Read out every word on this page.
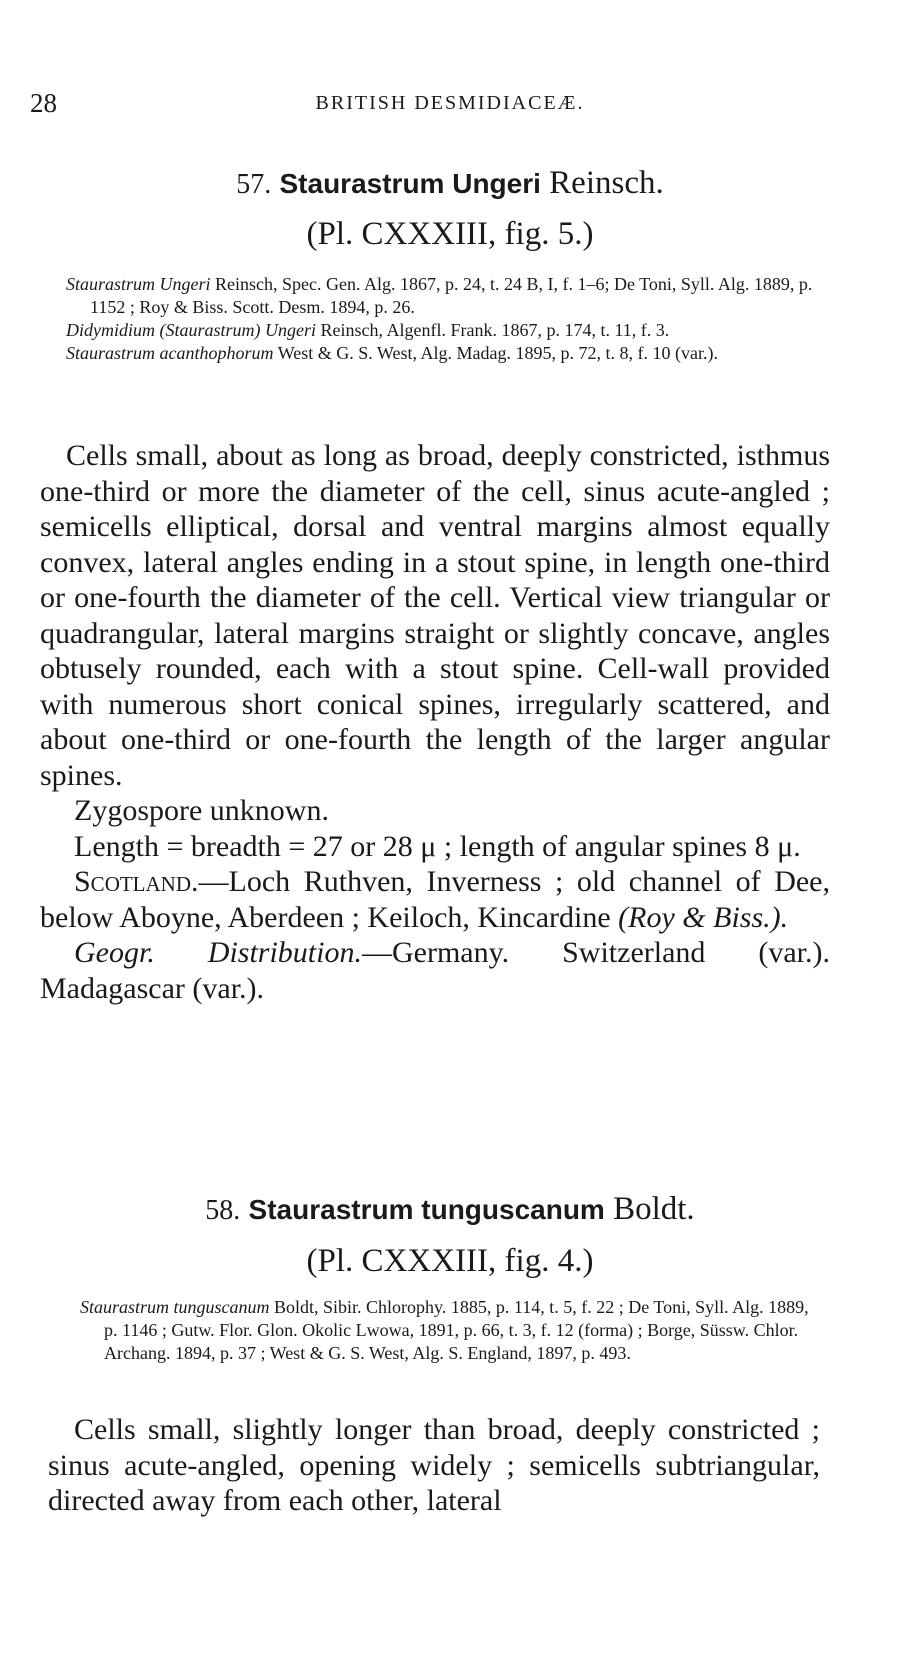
28	BRITISH DESMIDIACEÆ.
57. Staurastrum Ungeri Reinsch.
(Pl. CXXXIII, fig. 5.)

Staurastrum Ungeri Reinsch, Spec. Gen. Alg. 1867, p. 24, t. 24 B, I, f. 1–6; De Toni, Syll. Alg. 1889, p. 1152 ; Roy & Biss. Scott. Desm. 1894, p. 26.

Didymidium (Staurastrum) Ungeri Reinsch, Algenfl. Frank. 1867, p. 174, t. 11, f. 3.

Staurastrum acanthophorum West & G. S. West, Alg. Madag. 1895, p. 72, t. 8, f. 10 (var.).

Cells small, about as long as broad, deeply constricted, isthmus one-third or more the diameter of the cell, sinus acute-angled ; semicells elliptical, dorsal and ventral margins almost equally convex, lateral angles ending in a stout spine, in length one-third or one-fourth the diameter of the cell. Vertical view triangular or quadrangular, lateral margins straight or slightly concave, angles obtusely rounded, each with a stout spine. Cell-wall provided with numerous short conical spines, irregularly scattered, and about one-third or one-fourth the length of the larger angular spines.

Zygospore unknown.

Length = breadth = 27 or 28 μ ; length of angular spines 8 μ.

Scotland.—Loch Ruthven, Inverness ; old channel of Dee, below Aboyne, Aberdeen ; Keiloch, Kincardine (Roy & Biss.).

Geogr. Distribution.—Germany. Switzerland (var.). Madagascar (var.).

58. Staurastrum tunguscanum Boldt.
(Pl. CXXXIII, fig. 4.)

Staurastrum tunguscanum Boldt, Sibir. Chlorophy. 1885, p. 114, t. 5, f. 22 ; De Toni, Syll. Alg. 1889, p. 1146 ; Gutw. Flor. Glon. Okolic Lwowa, 1891, p. 66, t. 3, f. 12 (forma) ; Borge, Süssw. Chlor. Archang. 1894, p. 37 ; West & G. S. West, Alg. S. England, 1897, p. 493.

Cells small, slightly longer than broad, deeply constricted ; sinus acute-angled, opening widely ; semicells subtriangular, directed away from each other, lateral
